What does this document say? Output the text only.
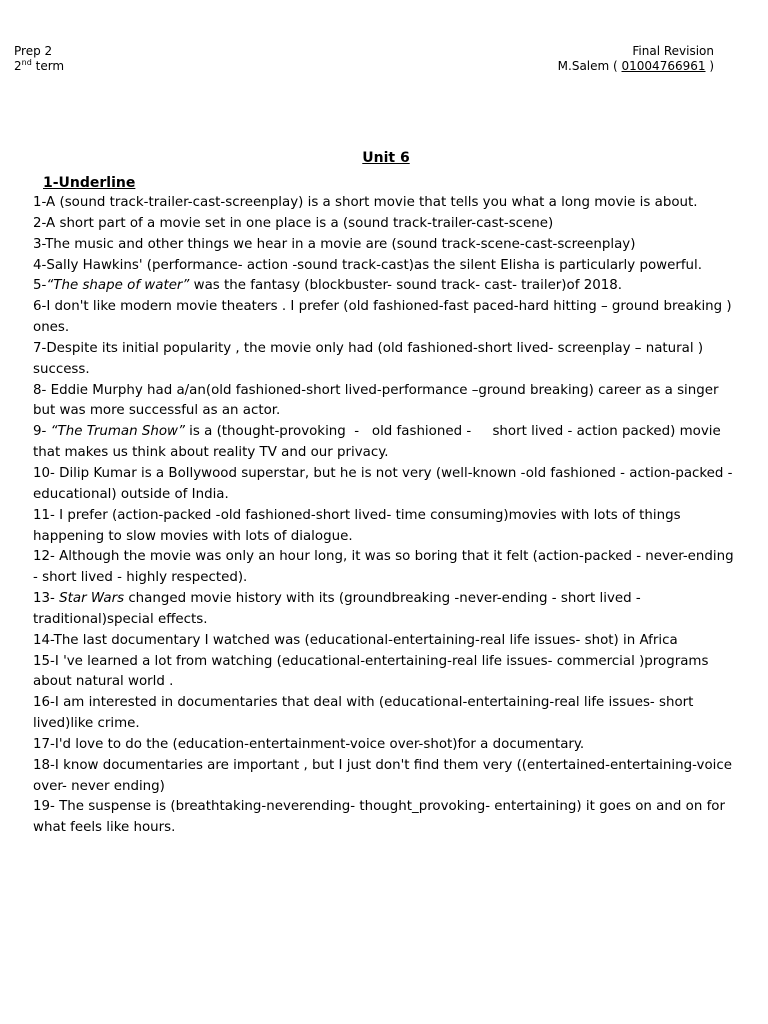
Prep 2
2nd term
Final Revision
M.Salem ( 01004766961 )
Unit 6
1-Underline

1-A (sound track-trailer-cast-screenplay) is a short movie that tells you what a long movie is about.

2-A short part of a movie set in one place is a (sound track-trailer-cast-scene)

3-The music and other things we hear in a movie are (sound track-scene-cast-screenplay)

4-Sally Hawkins' (performance- action -sound track-cast)as the silent Elisha is particularly powerful.

5-“The shape of water” was the fantasy (blockbuster- sound track- cast- trailer)of 2018.

6-I don't like modern movie theaters . I prefer (old fashioned-fast paced-hard hitting – ground breaking ) ones.

7-Despite its initial popularity , the movie only had (old fashioned-short lived- screenplay – natural ) success.

8- Eddie Murphy had a/an(old fashioned-short lived-performance –ground breaking) career as a singer but was more successful as an actor.

9- “The Truman Show” is a (thought-provoking  -   old fashioned -     short lived - action packed) movie that makes us think about reality TV and our privacy.

10- Dilip Kumar is a Bollywood superstar, but he is not very (well-known -old fashioned - action-packed - educational) outside of India.

11- I prefer (action-packed -old fashioned-short lived- time consuming)movies with lots of things happening to slow movies with lots of dialogue.

12- Although the movie was only an hour long, it was so boring that it felt (action-packed - never-ending - short lived - highly respected).

13- Star Wars changed movie history with its (groundbreaking -never-ending - short lived - traditional)special effects.

14-The last documentary I watched was (educational-entertaining-real life issues- shot) in Africa

15-I 've learned a lot from watching (educational-entertaining-real life issues- commercial )programs about natural world .

16-I am interested in documentaries that deal with (educational-entertaining-real life issues- short lived)like crime.

17-I'd love to do the (education-entertainment-voice over-shot)for a documentary.

18-I know documentaries are important , but I just don't find them very ((entertained-entertaining-voice over- never ending)

19- The suspense is (breathtaking-neverending- thought_provoking- entertaining) it goes on and on for what feels like hours.
